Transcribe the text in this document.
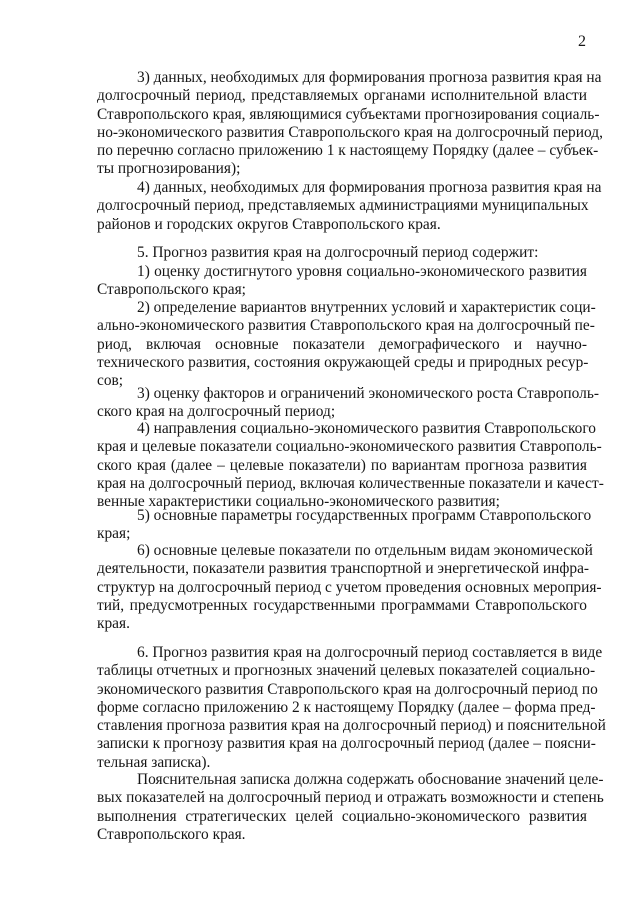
2
3) данных, необходимых для формирования прогноза развития края на
долгосрочный период, представляемых органами исполнительной власти
Ставропольского края, являющимися субъектами прогнозирования социаль-
но-экономического развития Ставропольского края на долгосрочный период,
по перечню согласно приложению 1 к настоящему Порядку (далее – субъек-
ты прогнозирования);
4) данных, необходимых для формирования прогноза развития края на
долгосрочный период, представляемых администрациями муниципальных
районов и городских округов Ставропольского края.
5. Прогноз развития края на долгосрочный период содержит:
1) оценку достигнутого уровня социально-экономического развития
Ставропольского края;
2) определение вариантов внутренних условий и характеристик соци-
ально-экономического развития Ставропольского края на долгосрочный пе-
риод, включая основные показатели демографического и научно-
технического развития, состояния окружающей среды и природных ресур-
сов;
3) оценку факторов и ограничений экономического роста Ставрополь-
ского края на долгосрочный период;
4) направления социально-экономического развития Ставропольского
края и целевые показатели социально-экономического развития Ставрополь-
ского края (далее – целевые показатели) по вариантам прогноза развития
края на долгосрочный период, включая количественные показатели и качест-
венные характеристики социально-экономического развития;
5) основные параметры государственных программ Ставропольского
края;
6) основные целевые показатели по отдельным видам экономической
деятельности, показатели развития транспортной и энергетической инфра-
структур на долгосрочный период с учетом проведения основных мероприя-
тий, предусмотренных государственными программами Ставропольского
края.
6. Прогноз развития края на долгосрочный период составляется в виде
таблицы отчетных и прогнозных значений целевых показателей социально-
экономического развития Ставропольского края на долгосрочный период по
форме согласно приложению 2 к настоящему Порядку (далее – форма пред-
ставления прогноза развития края на долгосрочный период) и пояснительной
записки к прогнозу развития края на долгосрочный период (далее – поясни-
тельная записка).
Пояснительная записка должна содержать обоснование значений целе-
вых показателей на долгосрочный период и отражать возможности и степень
выполнения стратегических целей социально-экономического развития
Ставропольского края.
